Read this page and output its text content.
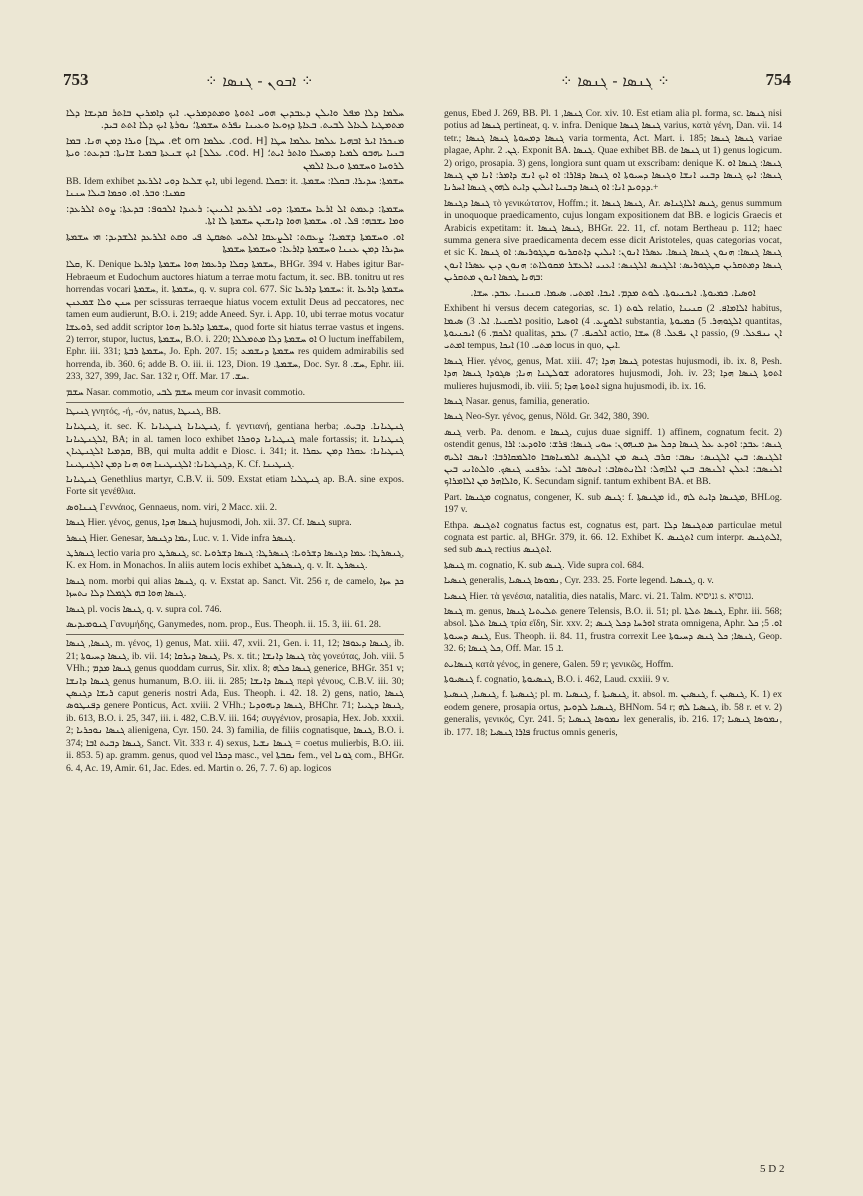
753	⁘ ܐܒܘܢ - ܓܢܣܐ ⁘	⁘ ܓܢܣܐ - ܓܢܣܐ ⁘	754

ܚܠܡܐ ܕܠܐ ܡܦܠ ܘܐܝܠܢ ܕܥܒܕܝܢ ܗܘܝ ܐܬܘܬܐ ܘܡܬܕܡܪܝܢ. ܐܝܟ ܕܐܡܪܝܢ ܒܐܬܪ ܩܕܝܫܐ ܕܠܐ ܡܬܡܛܝܐ ܠܥܐܠ ܠܒܝܬ. ܒܥܐܬܐ ܕܙܘܥܐ ܘܥܝܢܐ ܢܦܪܬ ܚܫܡܬܐ؛ ܢܘܪܬܐ ܐܝܟ ܕܠܐ ܐܬܬ ܒܝܕ.

ܡܢܟܪܐ ܐܝܪ ܐܒܗܝܐ ܥܠܡܐ ܥܠܡܐ ܚܛܐ [cod. H. ܥܠܡܐ et om. ܚܛܐ] ܘܝܪܐ ܕܡܢ ܗܢܐ. ܒܡܐ ܒܢܝܐ ܝܗܒܘ ܠܡܝܐ ܕܡܚܠܐ ܘܐܬܪ ܐܝܬ؛ [cod. H. ܥܠܠ] ܐܝܟ ܫܢܥܬܐ ܒܡܝܐ ܫܐܢܬܐ: ܒܕܥܬ: ܘܝܬܐ ܠܪܘܚܐ ܘܚܫܡܬܐ ܘܝܥܐ ܐܠܡܢ

BB. Idem exhibet ܐܝܟ ܫܠܥܐ ܕܘܝ ܐܠܪܥܕ, ubi legend. ܒܩܠܐ: it. ܚܫܡܬܐ: ܚܕܝܪܐ. ܒܩܠܐ: ܚܫܡܬܐ. ܩܡܢܐ: ܘܒܪ. ܐܘ. ܘܟܡܐ ܒܝܠܐ ܚܢܢܐ

ܚܫܡܬܐ: ܕܥܡܬ ܐܠ ܐܪܥܐ ܚܫܡܬܐ: ܕܘܝ ܐܠܪܥܕ ܐܠܢܝܢ: ܪܥܝܕܐ ܐܠܟܘܦ: ܒܕܥܬܐ: ܨܘܬ ܐܠܪܥܕ: ܘܡܐ ܝܫܒܗ: ܦܠ. ܐܘ. ܚܫܡܬܐ ܗܘܐ ܕܐܢܫܝܢ ܚܫܡܬܐ ܠܐ ܐܬܐ.

ܐܘ. ܘܚܫܡܬܐ ܕܫܡܝܐ؛ ܨܥܩܬ: ܐܠܨܥܩܐ ܐܠܬܝ ܬܣܩܛ ܦܝ ܘܩܬ ܐܠܪܥܕ ܐܠܫܕܝܕ: ܗܝ ܚܫܡܬܐ ܚܕܝܪܐ ܕܡܢ ܥܢܢܐ ܘܚܫܡܬܐ ܕܐܪܥܐ: ܘܚܫܡܬܐ ܚܫܡܬܐ

ܩܠܐ, K. Denique ܚܫܡܬܐ ܕܩܠܐ ܕܪܥܡܐ ܗܘܐ ܚܫܡܬܐ ܕܐܪܥܐ, BHGr. 394 v. Habes igitur Bar-Hebraeum et Eudochum auctores hiatum a terrae motu factum, it. sec. BB. tonitru ut res horrendas vocari ܚܫܡܬܐ, it. ܚܫܡܬܐ, q. v. supra col. 677. Sic ܚܫܡܬܐ ܕܐܪܥܐ: it. ܚܫܡܬܐ ܕܐܪܥܐ ܚܢܢ ܘܠܐ ܫܡܥܢܢ per scissuras terraeque hiatus vocem extulit Deus ad peccatores, nec tamen eum audierunt, B.O. i. 219; adde Aneed. Syr. i. App. 10, ubi terrae motus vocatur ܪܘܥܫܐ, sed addit scriptor ܚܫܡܬܐ ܕܐܪܥܐ ܗܘܐ, quod forte sit hiatus terrae vastus et ingens. 2) terror, stupor, luctus, ܚܫܡܬܐ, B.O. i. 220; ܐܘ ܚܫܡܬܐ ܕܠܐ ܡܬܡܠܠܐ O luctum ineffabilem, Ephr. iii. 331; ܚܫܡܬܐ ܪܒܬܐ, Jo. Eph. 207. 15; ܚܫܡܬܐ ܕܢܫܡܥ res quidem admirabilis sed horrenda, ib. 360. 6; adde B. O. iii. ii. 123, Dion. ܚܫܡܬܐ. 19, Doc. Syr. ܚܫ. 8, Ephr. iii. 233, 327, 399, Jac. Sar. 132 r, Off. Mar. ܚܫ. 17.

ܚܫܡ Nasar. commotio, ܚܫܡ ܠܒܝ meum cor invasit commotio.

ܓܢܝܛܐ γνητός, -ή, -όν, natus, ܓܢܝܛܐ, BB.

ܓܢܛܝܐܢܐ, it. sec. K. ܓܢܛܝܐܢܐ ܓܢܛܝܐܢܐ, f. γεντιανή, gentiana herba; ܓܢܛܝܐܢܐ. ܕܒܝܬ. ܐܠܓܢܛܝܐܢܐ, BA; in al. tamen loco exhibet ܓܢܛܝܐܢܐ ܕܘܟܪܐ male fortassis; it. ܓܢܛܝܐܢܐ ܩܕܡܝܐ ܐܠܓܢܛܝܐܢ, BB, qui multa addit e Diosc. i. 341; it. ܓܢܛܝܐܢܐ: ܥܩܪܐ ܕܡܢ ܥܩܪܐ ܕܓܢܛܝܐܢܐ: ܐܠܓܢܛܝܢܐ ܗܘ ܗܢܐ ܕܡܢ ܐܠܓܢܛܝܢܐ, K. Cf. ܓܢܛܝܢܐ.

ܓܢܛܝܐܢܐ Genethlius martyr, C.B.V. ii. 509. Exstat etiam ܓܢܛܠܝܐ ap. B.A. sine expos. Forte sit γενέθλια.

ܓܢܢܐܘܣ Γεννάιος, Gennaeus, nom. viri, 2 Macc. xii. 2.

ܓܢܣܐ Hier. γένος, genus, ܓܢܣܐ ܗܕܐ hujusmodi, Joh. xii. 37. Cf. ܓܢܣܐ supra.

ܓܢܣܪ Hier. Genesar, ܝܡܐ ܕܓܢܣܪ, Luc. v. 1. Vide infra ܓܢܣܪ.

ܓܢܣܪܛ lectio varia pro ܓܢܣܪܛ, sc. ܓܢܣܪܛܐ: ܥܡܐ ܕܓܢܣܐ ܕܫܪܘܝܐ: ܓܢܣܪܛܐ: ܓܢܣܐ ܕܫܪܘܝܐ, K. ex Hom. in Monachos. In aliis autem locis exhibet ܓܢܣܪܛ, q. v. It. ܓܢܣܪܛ.

ܓܢܣܐ nom. morbi qui alias ܓܢܣܐ, q. v. Exstat ap. Sanct. Vit. 256 r, de camelo, ܟܕ ܚܙܐ ܓܢܣܐ ܗܘܐ ܒܗ ܠܓܡܠܐ ܕܠܐ ܢܬܚܙܐ.

ܓܢܣܐ pl. vocis ܓܢܣܐ, q. v. supra col. 746.

ܓܢܘܡܝܕܝܣ Γανυμήδης, Ganymedes, nom. prop., Eus. Theoph. ii. 15. 3, iii. 61. 28.

ܓܢܣܐ, ܓܢܣܐ, m. γένος, 1) genus, Mat. xiii. 47, xvii. 21, Gen. i. 11, 12; ܓܢܣܐ ܕܥܘܦܐ, ib. 21; ܓܢܣܐ ܕܚܝܘܬܐ, ib. vii. 14; ܓܢܣܐ ܕܝܪܩܐ, Ps. x. tit.; ܓܢܣܐ ܕܐܢܫܐ τὰς γονεύτας, Joh. viii. 5 VHh.; ܓܢܣܐ ܡܕܡ genus quoddam currus, Sir. xlix. 8; ܓܢܣܐ ܟܠܗ generice, BHGr. 351 v; ܓܢܣܐ ܕܐܢܫܐ genus humanum, B.O. iii. ii. 285; ܓܢܣܐ ܕܐܢܫܐ περὶ γένους, C.B.V. iii. 30; ܪܝܫܐ ܕܓܢܣܢ caput generis nostri Ada, Eus. Theoph. i. 42. 18. 2) gens, natio, ܓܢܣܐ ܕܦܢܛܘܣ genere Ponticus, Act. xviii. 2 VHh.; ܓܢܣܐ ܕܝܗܘܕܝܐ, BHChr. 71; ܓܢܣܐ ܕܛܝܝܐ, ib. 613, B.O. i. 25, 347, iii. i. 482, C.B.V. iii. 164; συγγένιον, prosapia, Hex. Job. xxxii. 2; ܓܢܣܐ ܢܘܟܪܝܐ alienigena, Cyr. 150. 24. 3) familia, de filiis cognatisque, ܓܢܣܐ, B.O. i. 374; ܓܢܣܐ ܕܒܝܬ ܐܒܐ, Sanct. Vit. 333 r. 4) sexus, ܓܢܣܐ ܢܫܝܐ = coetus mulierbis, B.O. iii. ii. 853. 5) ap. gramm. genus, quod vel ܕܟܪܐ masc., vel ܢܩܒܬܐ fem., vel ܓܘܢܐ com., BHGr. 6. 4, Ac. 19, Amir. 61, Jac. Edes. ed. Martin o. 26, 7. 7. 6) ap. logicos

genus, Ebed J. 269, BB. Pl. ܓܢܣܐ, 1 Cor. xiv. 10. Est etiam alia pl. forma, sc. ܓܢܣܐ nisi potius ad ܓܢܣܐ pertineat, q. v. infra. Denique ܓܢܣܐ ܓܢܣܐ varius, κατὰ γένη, Dan. vii. 14 tetr.; ܓܢܣܐ ܕܡܚܘܬܐ ܓܢܣܐ ܓܢܣܐ varia tormenta, Act. Mart. i. 185; ܓܢܣܐ ܓܢܣܐ variae plagae, Aphr. ܓܢ. 2. Exponit BA. ܓܢܣܐ. Quae exhibet BB. de ܓܢܣܐ ut 1) genus logicum. 2) origo, prosapia. 3) gens, longiora sunt quam ut exscribam: denique K. ܓܢܣܐ: ܓܢܣܐ ܐܘ ܓܢܣܐ: ܐܝܟ ܓܢܣܐ ܕܒܢܝ ܐܢܫܐ ܘܓܢܣܐ ܕܚܝܘܬܐ ܐܘ ܓܢܣܐ ܕܦܐܪܐ: ܐܘ ܐܝܟ ܐܢܫ ܕܐܡܪ: ܐܢܐ ܡܢ ܓܢܣܐ ܕܕܘܝܕ ܐܢܐ: ܐܘ ܓܢܣܐ ܕܒܢܝܐ ܐܝܠܝܢ ܕܐܝܬ ܠܗܘܢ ܓܢܣܐ ܐܚܪܢܐ.+

ܓܢܣܐ ܕܓܢܣܐ τὸ γενικώτατον, Hoffm.; it. ܓܢܣܐ ܓܢܣܐ, Ar. ܓܢܣ ܐܠܐܓܢܐܣ, genus summum in unoquoque praedicamento, cujus longam expositionem dat BB. e logicis Graecis et Arabicis expetitam: it. ܓܢܣܐ ܓܢܣܐ, BHGr. 22. 11, cf. notam Bertheau p. 112; haec summa genera sive praedicamenta decem esse dicit Aristoteles, quas categorias vocat, et sic K. ܓܢܣܐ ܓܢܣܐ: ܗܢܘܢ ܓܢܣܐ ܓܢܣܐ. ܥܣܪܐ ܐܢܘܢ: ܐܝܠܝܢ ܕܐܬܩܪܝܘ ܩܛܓܘܪܝܣ: ܐܘ ܓܢܣܐ ܓܢܣܐ ܕܡܬܩܪܝܢ ܩܛܓܘܪܝܣ: ܐܠܓܢܣ ܐܠܓܢܣ: ܐܥܢܝ ܐܠܥܫܪ ܡܩܘܠܐܬ: ܗܢܘܢ ܕܝܢ ܥܣܪܐ ܐܢܘܢ ܒܗܢܐ ܛܟܣܐ ܐܢܘܢ ܡܬܩܪܝܢ:

ܐܘܣܝܐ. ܟܡܝܘܬܐ. ܐܝܟܢܝܘܬܐ. ܠܘܬ ܡܕܡ. ܐܝܟܐ. ܐܡܬܝ. ܣܝܡܐ. ܩܢܝܢܐ. ܥܒܕ. ܚܫܐ.

Exhibent hi versus decem categorias, sc. 1) ܠܘܬ relatio, ܐܠܐܡܐܦ. 2) ܩܢܝܢܐ habitus, ܐܠܩܢܝܐ. ܐܠ. 3) ܣܝܡܐ positio, ܐܠܘܨܥ. 4) ܐܘܣܝܐ substantia, ܐܠܓܘܗܪ. 5) ܟܡܝܘܬܐ quantitas, ܐܠܟܡ. 6) ܐܝܟܢܝܘܬܐ qualitas, ܐܠܟܝܦ. 7) ܥܒܕ actio, ܐܢ ܝܦܥܠ. 8) ܚܫܐ passio, ܐܢ ܝܢܦܥܠ. 9) ܐܡܬܝ tempus, ܡܬܝ. 10) ܐܝܟܐ locus in quo, ܐܝܢ.

ܓܢܣܐ Hier. γένος, genus, Mat. xiii. 47; ܓܢܣܐ ܗܕܐ potestas hujusmodi, ib. ix. 8, Pesh. ܫܘܠܛܢܐ ܗܢܐ; ܣܓܘܕܐ ܓܢܣܐ ܗܕܐ adoratores hujusmodi, Joh. iv. 23; ܐܬܘܬܐ ܓܢܣܐ ܗܕܐ mulieres hujusmodi, ib. viii. 5; ܐܬܘܬܐ ܗܕܐ signa hujusmodi, ib. ix. 16.

ܓܢܣܐ Nasar. genus, familia, generatio.

ܓܢܣܐ Neo-Syr. γένος, genus, Nöld. Gr. 342, 380, 390.

ܓܢܣ verb. Pa. denom. e ܓܢܣܐ, cujus duae signiff. 1) affinem, cognatum fecit. 2) ostendit genus, ܓܢܣ: ܥܒܕ: ܐܘܕܥ ܥܠ ܓܢܣܐ ܕܟܠ ܚܕ ܡܢܗܘܢ: ܚܘܝ ܓܢܣܐ: ܦܪܫ: ܘܐܘܕܥ: ܐܪܐ ܐܠܓܢܣ: ܒܝܢ ܐܠܓܢܣ: ܢܣܒ: ܩܪܒ ܓܢܣ ܡܢ ܐܠܓܢܣ ܐܠܡܢܐܣܒܐ ܘܐܠܡܩܐܪܒܐ: ܐܢܣܒ ܐܠܝܗ ܐܠܢܣܒ: ܐܥܠܢ ܐܠܢܣܒ ܒܝܢ ܐܠܐܗܠ: ܐܠܐܢܬܣܐܒ: ܐܢܬܣܒ ܐܠܝ: ܥܪܦܢܝ ܓܢܣܟ. ܘܐܠܬܐܢܝ ܒܝܢ ܘܐܠܐܗܪ ܡܢ ܐܠܐܡܪܐܟ, K. Secundam signif. tantum exhibent BA. et BB.

Part. ܡܓܢܣܐ cognatus, congener, K. sub ܓܢܣ: f. ܡܓܢܣܬܐ id., ܡܓܢܣܐ ܕܐܝܬ ܠܗ, BHLog. 197 v.

Ethpa. ܐܬܓܢܣ cognatus factus est, cognatus est, part. ܡܬܓܢܣܐ ܕܠܐ particulae metul cognata est partic. al, BHGr. 379, it. 66. 12. Exhibet K. ܐܬܓܢܣ cum interpr. ܐܠܬܓܢܣ, sed sub ܓܢܣ rectius ܐܬܓܢܣ.

ܓܢܣܬܐ m. cognatio, K. sub ܓܢܣ. Vide supra col. 684.

ܓܢܣܝܐ generalis, ܢܡܘܣܐ ܓܢܣܝܐ, Cyr. 233. 25. Forte legend. ܓܢܣܝܐ, q. v.

ܓܢܣܝܐ Hier. τὰ γενέσια, natalitia, dies natalis, Marc. vi. 21. Talm. גניסיא s. גנוסיא.

ܓܢܣܐ m. genus, ܬܠܝܬܝܐ ܓܢܣܐ genere Telensis, B.O. ii. 51; pl. ܓܢܣܐ ܬܠܬܐ, Ephr. iii. 568; absol. ܓܢܣܐ ܬܠܬܐ τρία εἴδη, Sir. xxv. 2; ܐܘܪܚܐ ܕܟܠ ܓܢܣ strata omnigena, Aphr. ܐܘ. 5; ܟܠ ܓܢܣ ܕܚܝܘܬܐ, Eus. Theoph. ii. 84. 11, frustra correxit Lee ܓܢܣܐ; ܟܠ ܓܢܣ ܕܚܝܘܬܐ, Geop. 32. 6; ܟܠ ܓܢܣܐ, Off. Mar. ܐ. 15.

ܓܢܣܐܝܬ κατὰ γένος, in genere, Galen. 59 r; γενικῶς, Hoffm.

ܓܢܣܝܘܬܐ f. cognatio, ܓܢܣܝܘܬܐ, B.O. i. 462, Laud. cxxiii. 9 v.

ܓܢܣܝܐ, ܓܢܣܝܬܐ, f. ܓܢܣܝܬܐ; pl. m. ܓܢܣܝܐ, f. ܓܢܣܝܬܐ, it. absol. m. ܓܢܣܝܢ, f. ܓܢܣܝܢ, K. 1) ex eodem genere, prosapia ortus, ܓܢܣܝܐ ܠܕܘܝܕ, BHNom. 54 r; ܓܢܣܝܐ ܠܗ, ib. 58 r. et v. 2) generalis, γενικός, Cyr. 241. 5; ܢܡܘܣܐ ܓܢܣܝܐ lex generalis, ib. 216. 17; ܢܡܘܣܐ ܓܢܣܝܐ, ib. 177. 18; ܦܐܪܐ ܓܢܣܝܐ fructus omnis generis,

5 D 2
